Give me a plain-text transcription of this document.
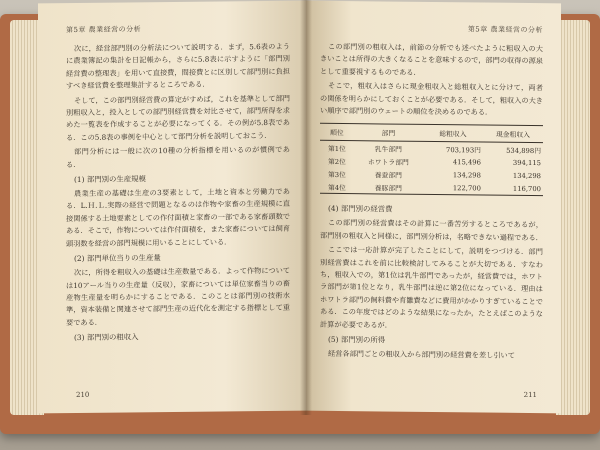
第5章 農業経営の分析

次に，経営部門別の分析法について説明する．まず，5.6表のように農業簿記の集計を日記帳から，さらに5.8表に示すように「部門別経営費の整理表」を用いて直接費，間接費とに区別して部門別に負担すべき経営費を整理集計するところである．

そして，この部門別経営費の算定がすめば，これを基準として部門別粗収入と，投入としての部門別経営費を対比させて，部門所得を求めた一覧表を作成することが必要になってくる．その例が5.8表である．この5.8表の事例を中心として部門分析を説明しておこう．

部門分析には一般に次の10種の分析指標を用いるのが慣例である．

(1) 部門別の生産規模

農業生産の基礎は生産の3要素として，土地と資本と労働力である．L.Ｈ.Ｌ.実際の経営で問題となるのは作物や家畜の生産規模に直接関係する土地要素としての作付面積と家畜の一部である家畜頭数である．そこで，作物については作付面積を，また家畜については飼育頭羽数を経営の部門規模に用いることにしている．

(2) 部門単位当りの生産量

次に，所得を粗収入の基礎は生産数量である．よって作物については10アール当りの生産量（反収），家畜については単位家畜当りの畜産物生産量を明らかにすることである．このことは部門別の技術水準，資本装備と関連させて部門生産の近代化を測定する指標として重要である．

(3) 部門別の粗収入
210
第5章 農業経営の分析

この部門別の粗収入は，前節の分析でも述べたように粗収入の大きいことは所得の大きくなることを意味するので，部門の収得の源泉として重要視するものである．

そこで，粗収入はさらに現金粗収入と総粗収入とに分けて，両者の関係を明らかにしておくことが必要である．そして，粗収入の大きい順序で部門別のウェートの順位を決めるのである．

順位	部門	総粗収入	現金粗収入
第1位	乳牛部門	703,193円	534,898円
第2位	ホワトラ部門	415,496	394,115
第3位	養蚕部門	134,298	134,298
第4位	養豚部門	122,700	116,700
(4) 部門別の経営費

この部門別の経営費はその計算に一番苦労するところであるが，部門別の粗収入と同様に，部門別分析は，名略できない過程である．

ここでは一応計算が完了したことにして，説明をつづける．部門別経営費はこれを前に比較検討してみることが大切である．すなわち，粗収入での，第1位は乳牛部門であったが，経営費では，ホワトラ部門が第1位となり，乳牛部門は逆に第2位になっている．理由はホワトラ部門の飼料費や育雛費などに費用がかかりすぎていることである．この年度ではどのような結果になったか，たとえばこのような計算が必要であるが．

(5) 部門別の所得

経営各部門ごとの粗収入から部門別の経営費を差し引いて

211
